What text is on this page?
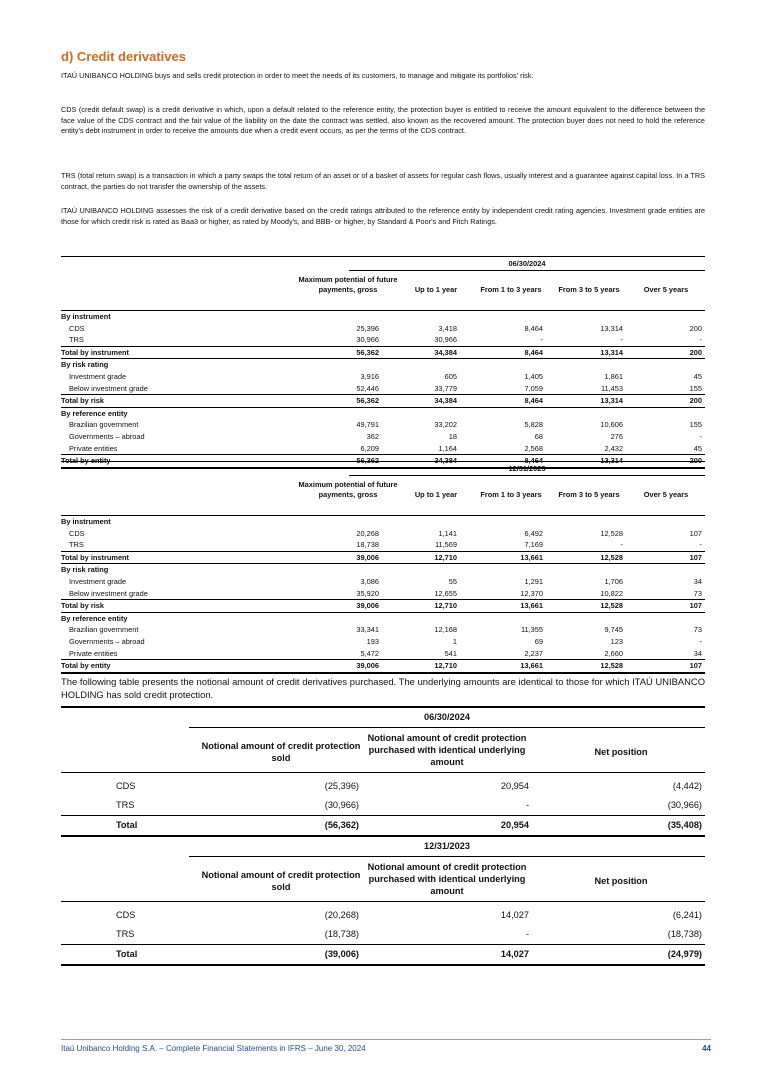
d) Credit derivatives
ITAÚ UNIBANCO HOLDING buys and sells credit protection in order to meet the needs of its customers, to manage and mitigate its portfolios' risk.
CDS (credit default swap) is a credit derivative in which, upon a default related to the reference entity, the protection buyer is entitled to receive the amount equivalent to the difference between the face value of the CDS contract and the fair value of the liability on the date the contract was settled, also known as the recovered amount. The protection buyer does not need to hold the reference entity's debt instrument in order to receive the amounts due when a credit event occurs, as per the terms of the CDS contract.
TRS (total return swap) is a transaction in which a party swaps the total return of an asset or of a basket of assets for regular cash flows, usually interest and a guarantee against capital loss. In a TRS contract, the parties do not transfer the ownership of the assets.
ITAÚ UNIBANCO HOLDING assesses the risk of a credit derivative based on the credit ratings attributed to the reference entity by independent credit rating agencies. Investment grade entities are those for which credit risk is rated as Baa3 or higher, as rated by Moody's, and BBB- or higher, by Standard & Poor's and Fitch Ratings.
06/30/2024
Maximum potential of future payments, gross	Up to 1 year	From 1 to 3 years	From 3 to 5 years	Over 5 years
By instrument
CDS	25,396	3,418	8,464	13,314	200
TRS	30,966	30,966	-	-	-
Total by instrument	56,362	34,384	8,464	13,314	200
By risk rating
Investment grade	3,916	605	1,405	1,861	45
Below investment grade	52,446	33,779	7,059	11,453	155
Total by risk	56,362	34,384	8,464	13,314	200
By reference entity
Brazilian government	49,791	33,202	5,828	10,606	155
Governments – abroad	362	18	68	276	-
Private entities	6,209	1,164	2,568	2,432	45
Total by entity	56,362	34,384	8,464	13,314	200
12/31/2023
Maximum potential of future payments, gross	Up to 1 year	From 1 to 3 years	From 3 to 5 years	Over 5 years
By instrument
CDS	20,268	1,141	6,492	12,528	107
TRS	18,738	11,569	7,169	-	-
Total by instrument	39,006	12,710	13,661	12,528	107
By risk rating
Investment grade	3,086	55	1,291	1,706	34
Below investment grade	35,920	12,655	12,370	10,822	73
Total by risk	39,006	12,710	13,661	12,528	107
By reference entity
Brazilian government	33,341	12,168	11,355	9,745	73
Governments – abroad	193	1	69	123	-
Private entities	5,472	541	2,237	2,660	34
Total by entity	39,006	12,710	13,661	12,528	107
The following table presents the notional amount of credit derivatives purchased. The underlying amounts are identical to those for which ITAÚ UNIBANCO HOLDING has sold credit protection.
06/30/2024
Notional amount of credit protection sold
Notional amount of credit protection purchased with identical underlying amount
Net position
CDS	(25,396)	20,954	(4,442)
TRS	(30,966)	-	(30,966)
Total	(56,362)	20,954	(35,408)
12/31/2023
Notional amount of credit protection sold
Notional amount of credit protection purchased with identical underlying amount
Net position
CDS	(20,268)	14,027	(6,241)
TRS	(18,738)	-	(18,738)
Total	(39,006)	14,027	(24,979)
Itaú Unibanco Holding S.A. – Complete Financial Statements in IFRS – June 30, 2024	44
